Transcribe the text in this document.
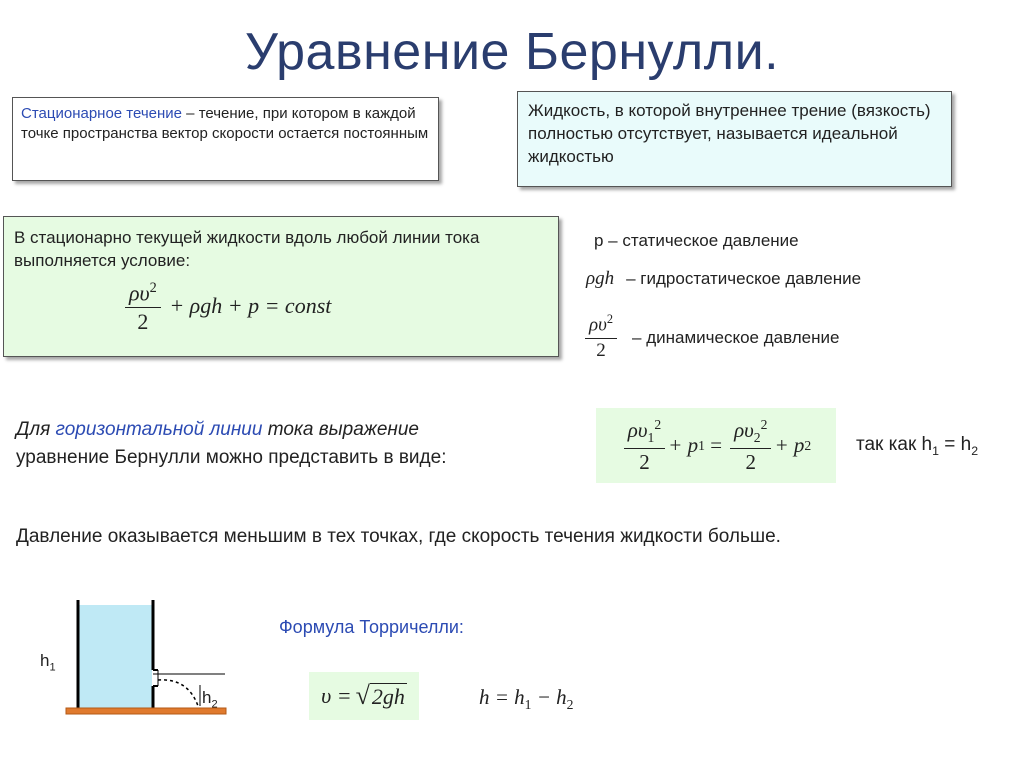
Уравнение Бернулли.
Стационарное течение – течение, при котором в каждой точке пространства вектор скорости остается постоянным
Жидкость, в которой внутреннее трение (вязкость) полностью отсутствует, называется идеальной жидкостью
В стационарно текущей жидкости вдоль любой линии тока выполняется условие:
$\frac{\rho\upsilon^2}{2} + \rho gh + p$ = const
p – статическое давление
ρgh – гидростатическое давление
$\frac{\rho\upsilon^2}{2}$ – динамическое давление
Для горизонтальной линии тока выражение
уравнение Бернулли можно представить в виде:	$\frac{\rho\upsilon_1^2}{2} + p$ $1 = \frac{\rho\upsilon_2^2}{2} + p$ 2 так как $h_1 = h_2$
Давление оказывается меньшим в тех точках, где скорость течения жидкости больше.
Формула Торричелли:
υ = √ 2gh	$h = h_1 - h_2$
$h_1$
$h_2$
